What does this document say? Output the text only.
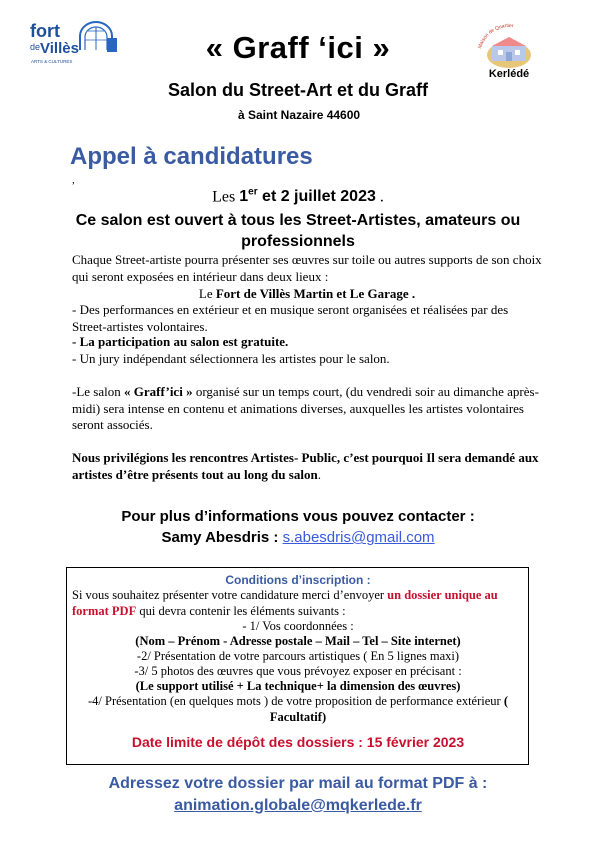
fort
de Villès
ARTS & CULTURES
Maison de Quartier
Kerlédé
« Graff ‘ici »
Salon du Street-Art et du Graff
à Saint Nazaire 44600
Appel à candidatures
,
Les 1er et 2 juillet 2023 .
Ce salon est ouvert à tous les Street-Artistes, amateurs ou professionnels
Chaque Street-artiste pourra présenter ses œuvres sur toile ou autres supports de son choix qui seront exposées en intérieur dans deux lieux :
Le Fort de Villès Martin et Le Garage .
- Des performances en extérieur et en musique seront organisées et réalisées par des Street-artistes volontaires.
- La participation au salon est gratuite.
- Un jury indépendant sélectionnera les artistes pour le salon.
-Le salon « Graff’ici » organisé sur un temps court, (du vendredi soir au dimanche après-midi) sera intense en contenu et animations diverses, auxquelles les artistes volontaires seront associés.
Nous privilégions les rencontres Artistes- Public, c’est pourquoi Il sera demandé aux artistes d’être présents tout au long du salon.
Pour plus d’informations vous pouvez contacter :
Samy Abesdris : s.abesdris@gmail.com
Conditions d’inscription :
Si vous souhaitez présenter votre candidature merci d’envoyer un dossier unique au format PDF qui devra contenir les éléments suivants :
- 1/ Vos coordonnées :
(Nom – Prénom - Adresse postale – Mail – Tel – Site internet)
-2/ Présentation de votre parcours artistiques ( En 5 lignes maxi)
-3/ 5 photos des œuvres que vous prévoyez exposer en précisant :
(Le support utilisé + La technique+ la dimension des œuvres)
-4/ Présentation (en quelques mots ) de votre proposition de performance extérieur ( Facultatif)
Date limite de dépôt des dossiers : 15 février 2023
Adressez votre dossier par mail au format PDF à :
animation.globale@mqkerlede.fr
